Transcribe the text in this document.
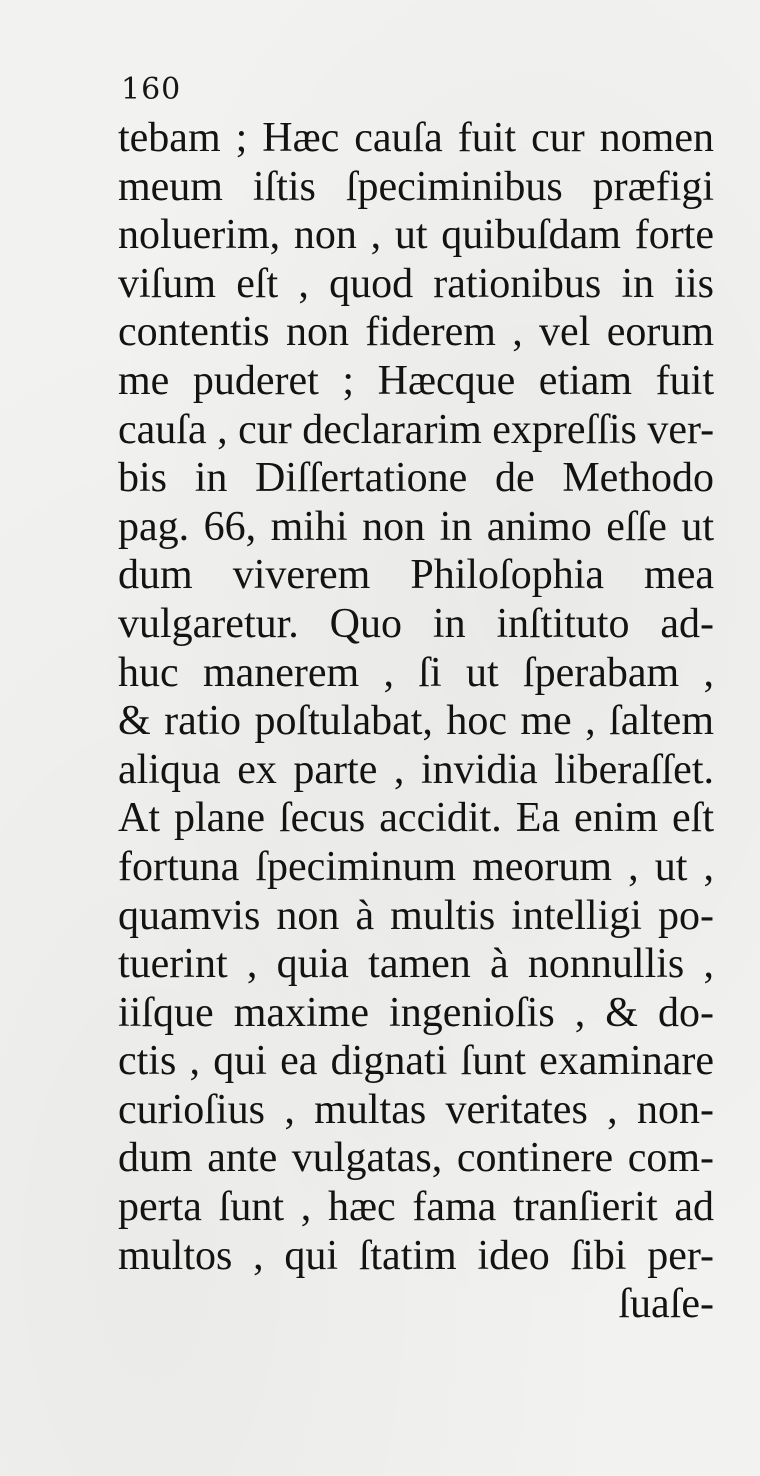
160
tebam ; Hæc cauſa fuit cur nomen
meum iſtis ſpeciminibus præfigi
noluerim, non , ut quibuſdam forte
viſum eſt , quod rationibus in iis
contentis non fiderem , vel eorum
me puderet ; Hæcque etiam fuit
cauſa , cur declararim expreſſis ver-
bis in Diſſertatione de Methodo
pag. 66, mihi non in animo eſſe ut
dum viverem Philoſophia mea
vulgaretur. Quo in inſtituto ad-
huc manerem , ſi ut ſperabam ,
& ratio poſtulabat, hoc me , ſaltem
aliqua ex parte , invidia liberaſſet.
At plane ſecus accidit. Ea enim eſt
fortuna ſpeciminum meorum , ut ,
quamvis non à multis intelligi po-
tuerint , quia tamen à nonnullis ,
iiſque maxime ingenioſis , & do-
ctis , qui ea dignati ſunt examinare
curioſius , multas veritates , non-
dum ante vulgatas, continere com-
perta ſunt , hæc fama tranſierit ad
multos , qui ſtatim ideo ſibi per-
ſuaſe-
